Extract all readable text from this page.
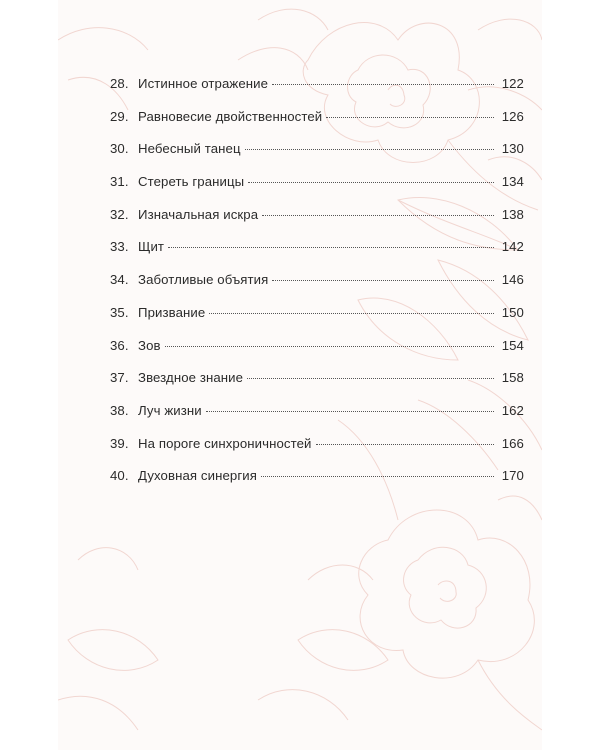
28. Истинное отражение	122
29. Равновесие двойственностей	126
30. Небесный танец	130
31. Стереть границы	134
32. Изначальная искра	138
33. Щит	142
34. Заботливые объятия	146
35. Призвание	150
36. Зов	154
37. Звездное знание	158
38. Луч жизни	162
39. На пороге синхроничностей	166
40. Духовная синергия	170
